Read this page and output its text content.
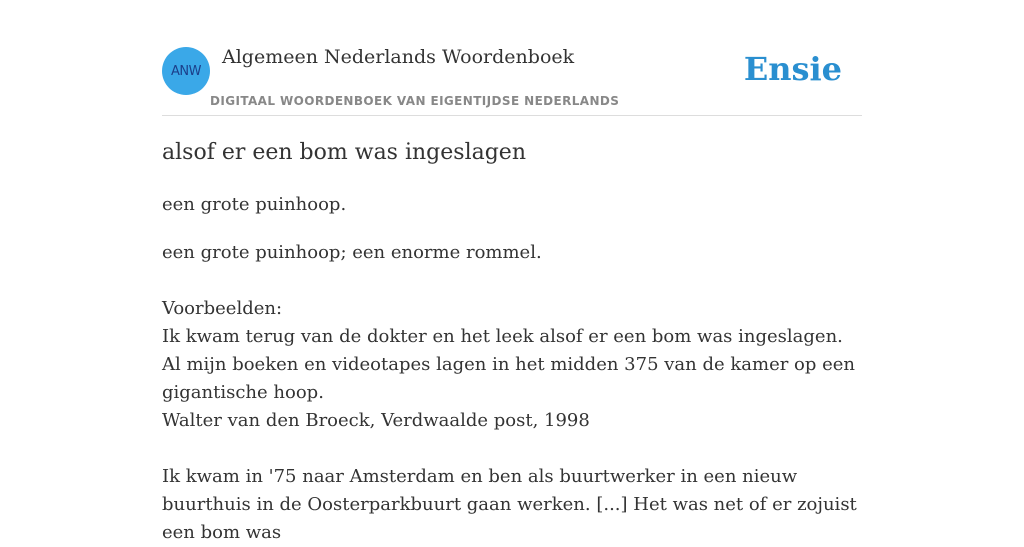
ANW
Algemeen Nederlands Woordenboek
DIGITAAL WOORDENBOEK VAN EIGENTIJDSE NEDERLANDS
Ensie
alsof er een bom was ingeslagen
een grote puinhoop.

een grote puinhoop; een enorme rommel.

Voorbeelden:

Ik kwam terug van de dokter en het leek alsof er een bom was ingeslagen. Al mijn boeken en videotapes lagen in het midden 375 van de kamer op een gigantische hoop.

Walter van den Broeck, Verdwaalde post, 1998

Ik kwam in '75 naar Amsterdam en ben als buurtwerker in een nieuw buurthuis in de Oosterparkbuurt gaan werken. [...] Het was net of er zojuist een bom was
